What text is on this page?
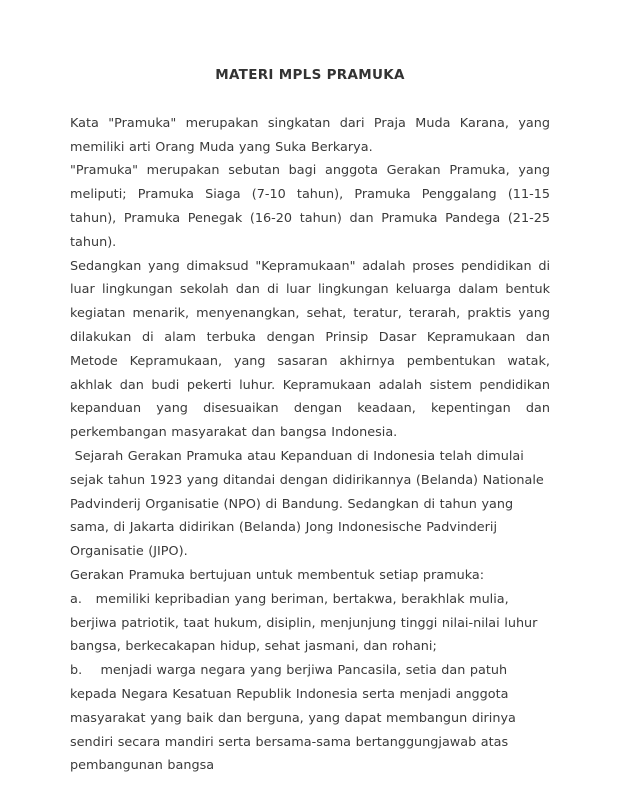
MATERI MPLS PRAMUKA

Kata "Pramuka" merupakan singkatan dari Praja Muda Karana, yang memiliki arti Orang Muda yang Suka Berkarya.

"Pramuka" merupakan sebutan bagi anggota Gerakan Pramuka, yang meliputi; Pramuka Siaga (7-10 tahun), Pramuka Penggalang (11-15 tahun), Pramuka Penegak (16-20 tahun) dan Pramuka Pandega (21-25 tahun).

Sedangkan yang dimaksud "Kepramukaan" adalah proses pendidikan di luar lingkungan sekolah dan di luar lingkungan keluarga dalam bentuk kegiatan menarik, menyenangkan, sehat, teratur, terarah, praktis yang dilakukan di alam terbuka dengan Prinsip Dasar Kepramukaan dan Metode Kepramukaan, yang sasaran akhirnya pembentukan watak, akhlak dan budi pekerti luhur. Kepramukaan adalah sistem pendidikan kepanduan yang disesuaikan dengan keadaan, kepentingan dan perkembangan masyarakat dan bangsa Indonesia.

Sejarah Gerakan Pramuka atau Kepanduan di Indonesia telah dimulai sejak tahun 1923 yang ditandai dengan didirikannya (Belanda) Nationale Padvinderij Organisatie (NPO) di Bandung. Sedangkan di tahun yang sama, di Jakarta didirikan (Belanda) Jong Indonesische Padvinderij Organisatie (JIPO).

Gerakan Pramuka bertujuan untuk membentuk setiap pramuka:

a.   memiliki kepribadian yang beriman, bertakwa, berakhlak mulia, berjiwa patriotik, taat hukum, disiplin, menjunjung tinggi nilai-nilai luhur bangsa, berkecakapan hidup, sehat jasmani, dan rohani;

b.    menjadi warga negara yang berjiwa Pancasila, setia dan patuh kepada Negara Kesatuan Republik Indonesia serta menjadi anggota masyarakat yang baik dan berguna, yang dapat membangun dirinya sendiri secara mandiri serta bersama-sama bertanggungjawab atas pembangunan bangsa
